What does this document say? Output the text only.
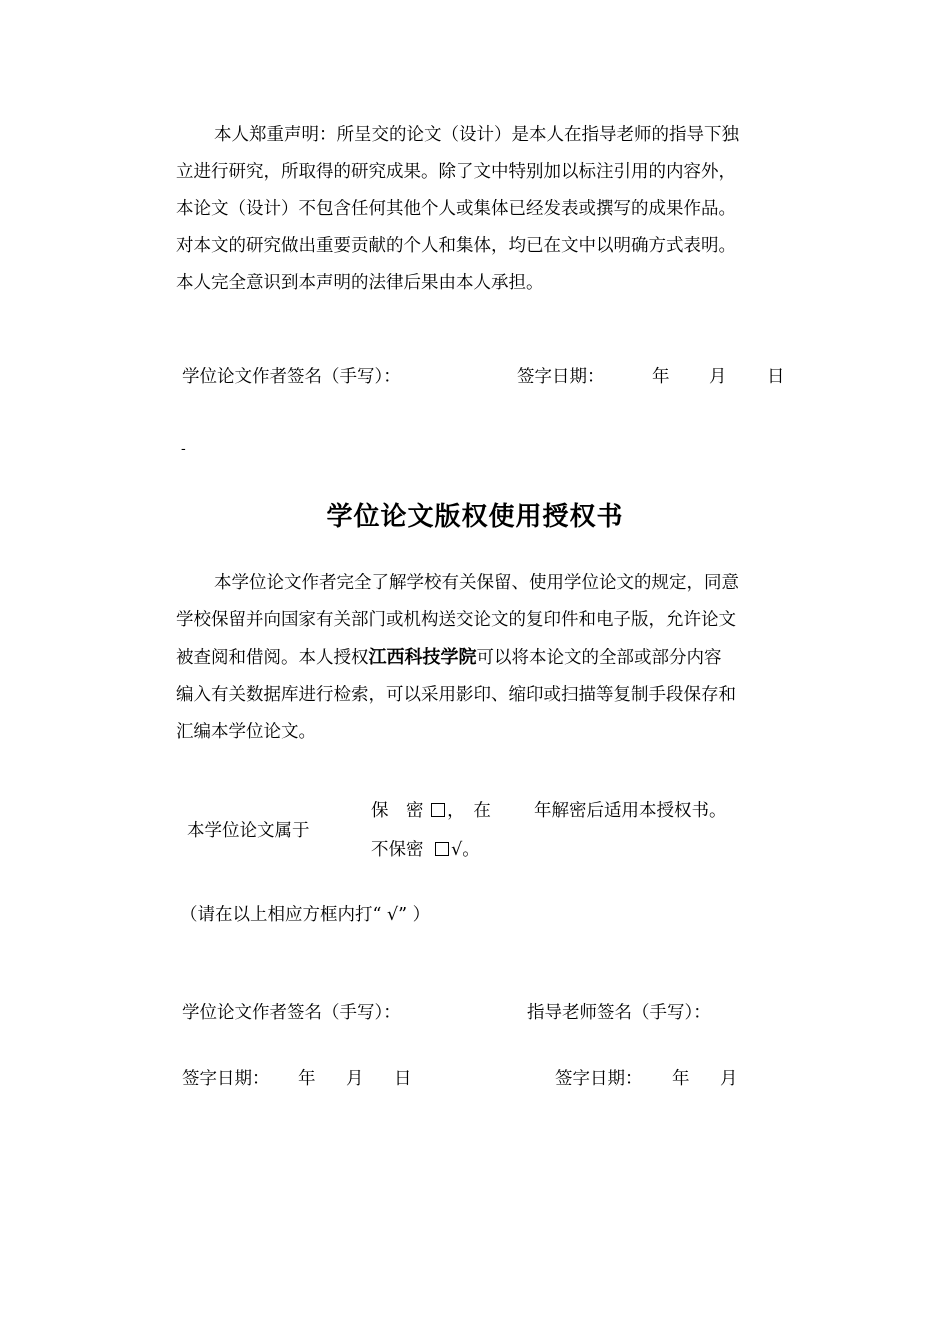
本人郑重声明：所呈交的论文（设计）是本人在指导老师的指导下独
立进行研究，所取得的研究成果。除了文中特别加以标注引用的内容外，
本论文（设计）不包含任何其他个人或集体已经发表或撰写的成果作品。
对本文的研究做出重要贡献的个人和集体，均已在文中以明确方式表明。
本人完全意识到本声明的法律后果由本人承担。
学位论文作者签名（手写）：	签字日期：	年 月 日
-
学位论文版权使用授权书
本学位论文作者完全了解学校有关保留、使用学位论文的规定，同意
学校保留并向国家有关部门或机构送交论文的复印件和电子版，允许论文
被查阅和借阅。本人授权江西科技学院可以将本论文的全部或部分内容
编入有关数据库进行检索，可以采用影印、缩印或扫描等复制手段保存和
汇编本学位论文。
本学位论文属于
保　密 ，　在 年解密后适用本授权书。
不保密 √。
（请在以上相应方框内打“ √” ）
学位论文作者签名（手写）：	指导老师签名（手写）：
签字日期： 年 月 日	签字日期： 年 月
